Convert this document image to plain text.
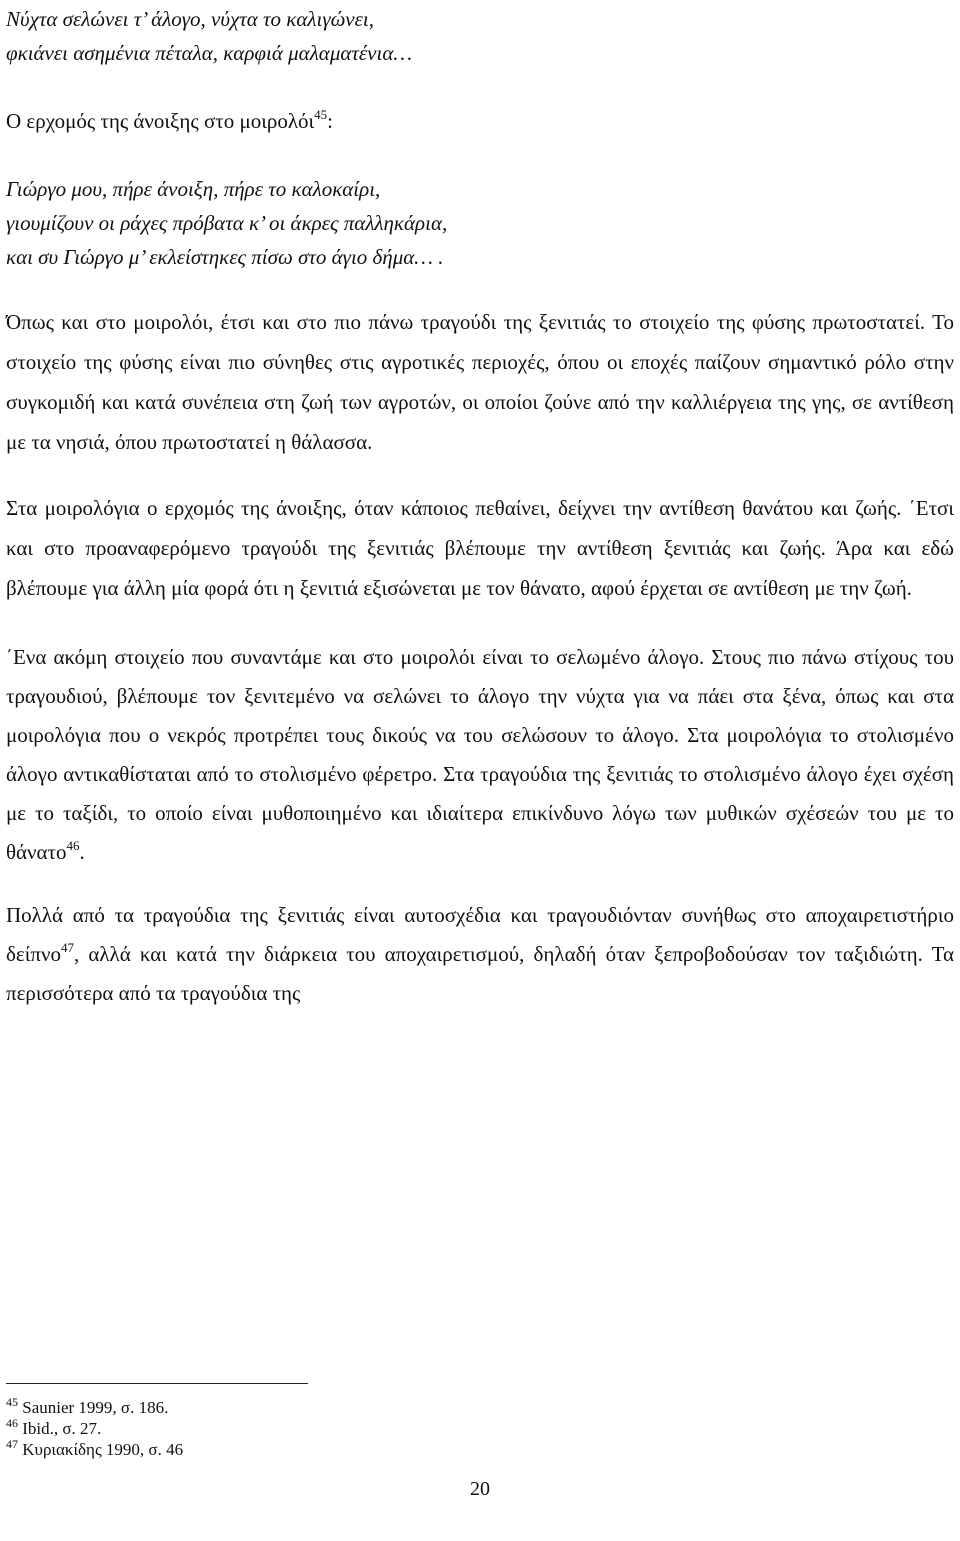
Νύχτα σελώνει τ’ άλογο, νύχτα το καλιγώνει,
φκιάνει ασημένια πέταλα, καρφιά μαλαματένια…
Ο ερχομός της άνοιξης στο μοιρολόι$^{45}$:
Γιώργο μου, πήρε άνοιξη, πήρε το καλοκαίρι,
γιουμίζουν οι ράχες πρόβατα κ’ οι άκρες παλληκάρια,
και συ Γιώργο μ’ εκλείστηκες πίσω στο άγιο δήμα… .
Όπως και στο μοιρολόι, έτσι και στο πιο πάνω τραγούδι της ξενιτιάς το στοιχείο της φύσης πρωτοστατεί. Το στοιχείο της φύσης είναι πιο σύνηθες στις αγροτικές περιοχές, όπου οι εποχές παίζουν σημαντικό ρόλο στην συγκομιδή και κατά συνέπεια στη ζωή των αγροτών, οι οποίοι ζούνε από την καλλιέργεια της γης, σε αντίθεση με τα νησιά, όπου πρωτοστατεί η θάλασσα.
Στα μοιρολόγια ο ερχομός της άνοιξης, όταν κάποιος πεθαίνει, δείχνει την αντίθεση θανάτου και ζωής. ΄Ετσι και στο προαναφερόμενο τραγούδι της ξενιτιάς βλέπουμε την αντίθεση ξενιτιάς και ζωής. Άρα και εδώ βλέπουμε για άλλη μία φορά ότι η ξενιτιά εξισώνεται με τον θάνατο, αφού έρχεται σε αντίθεση με την ζωή.
΄Ενα ακόμη στοιχείο που συναντάμε και στο μοιρολόι είναι το σελωμένο άλογο. Στους πιο πάνω στίχους του τραγουδιού, βλέπουμε τον ξενιτεμένο να σελώνει το άλογο την νύχτα για να πάει στα ξένα, όπως και στα μοιρολόγια που ο νεκρός προτρέπει τους δικούς να του σελώσουν το άλογο. Στα μοιρολόγια το στολισμένο άλογο αντικαθίσταται από το στολισμένο φέρετρο. Στα τραγούδια της ξενιτιάς το στολισμένο άλογο έχει σχέση με το ταξίδι, το οποίο είναι μυθοποιημένο και ιδιαίτερα επικίνδυνο λόγω των μυθικών σχέσεών του με το θάνατο$^{46}$.
Πολλά από τα τραγούδια της ξενιτιάς είναι αυτοσχέδια και τραγουδιόνταν συνήθως στο αποχαιρετιστήριο δείπνο$^{47}$, αλλά και κατά την διάρκεια του αποχαιρετισμού, δηλαδή όταν ξεπροβοδούσαν τον ταξιδιώτη. Τα περισσότερα από τα τραγούδια της
$^{45}$ Saunier 1999, σ. 186.
$^{46}$ Ibid., σ. 27.
$^{47}$ Κυριακίδης 1990, σ. 46
20
